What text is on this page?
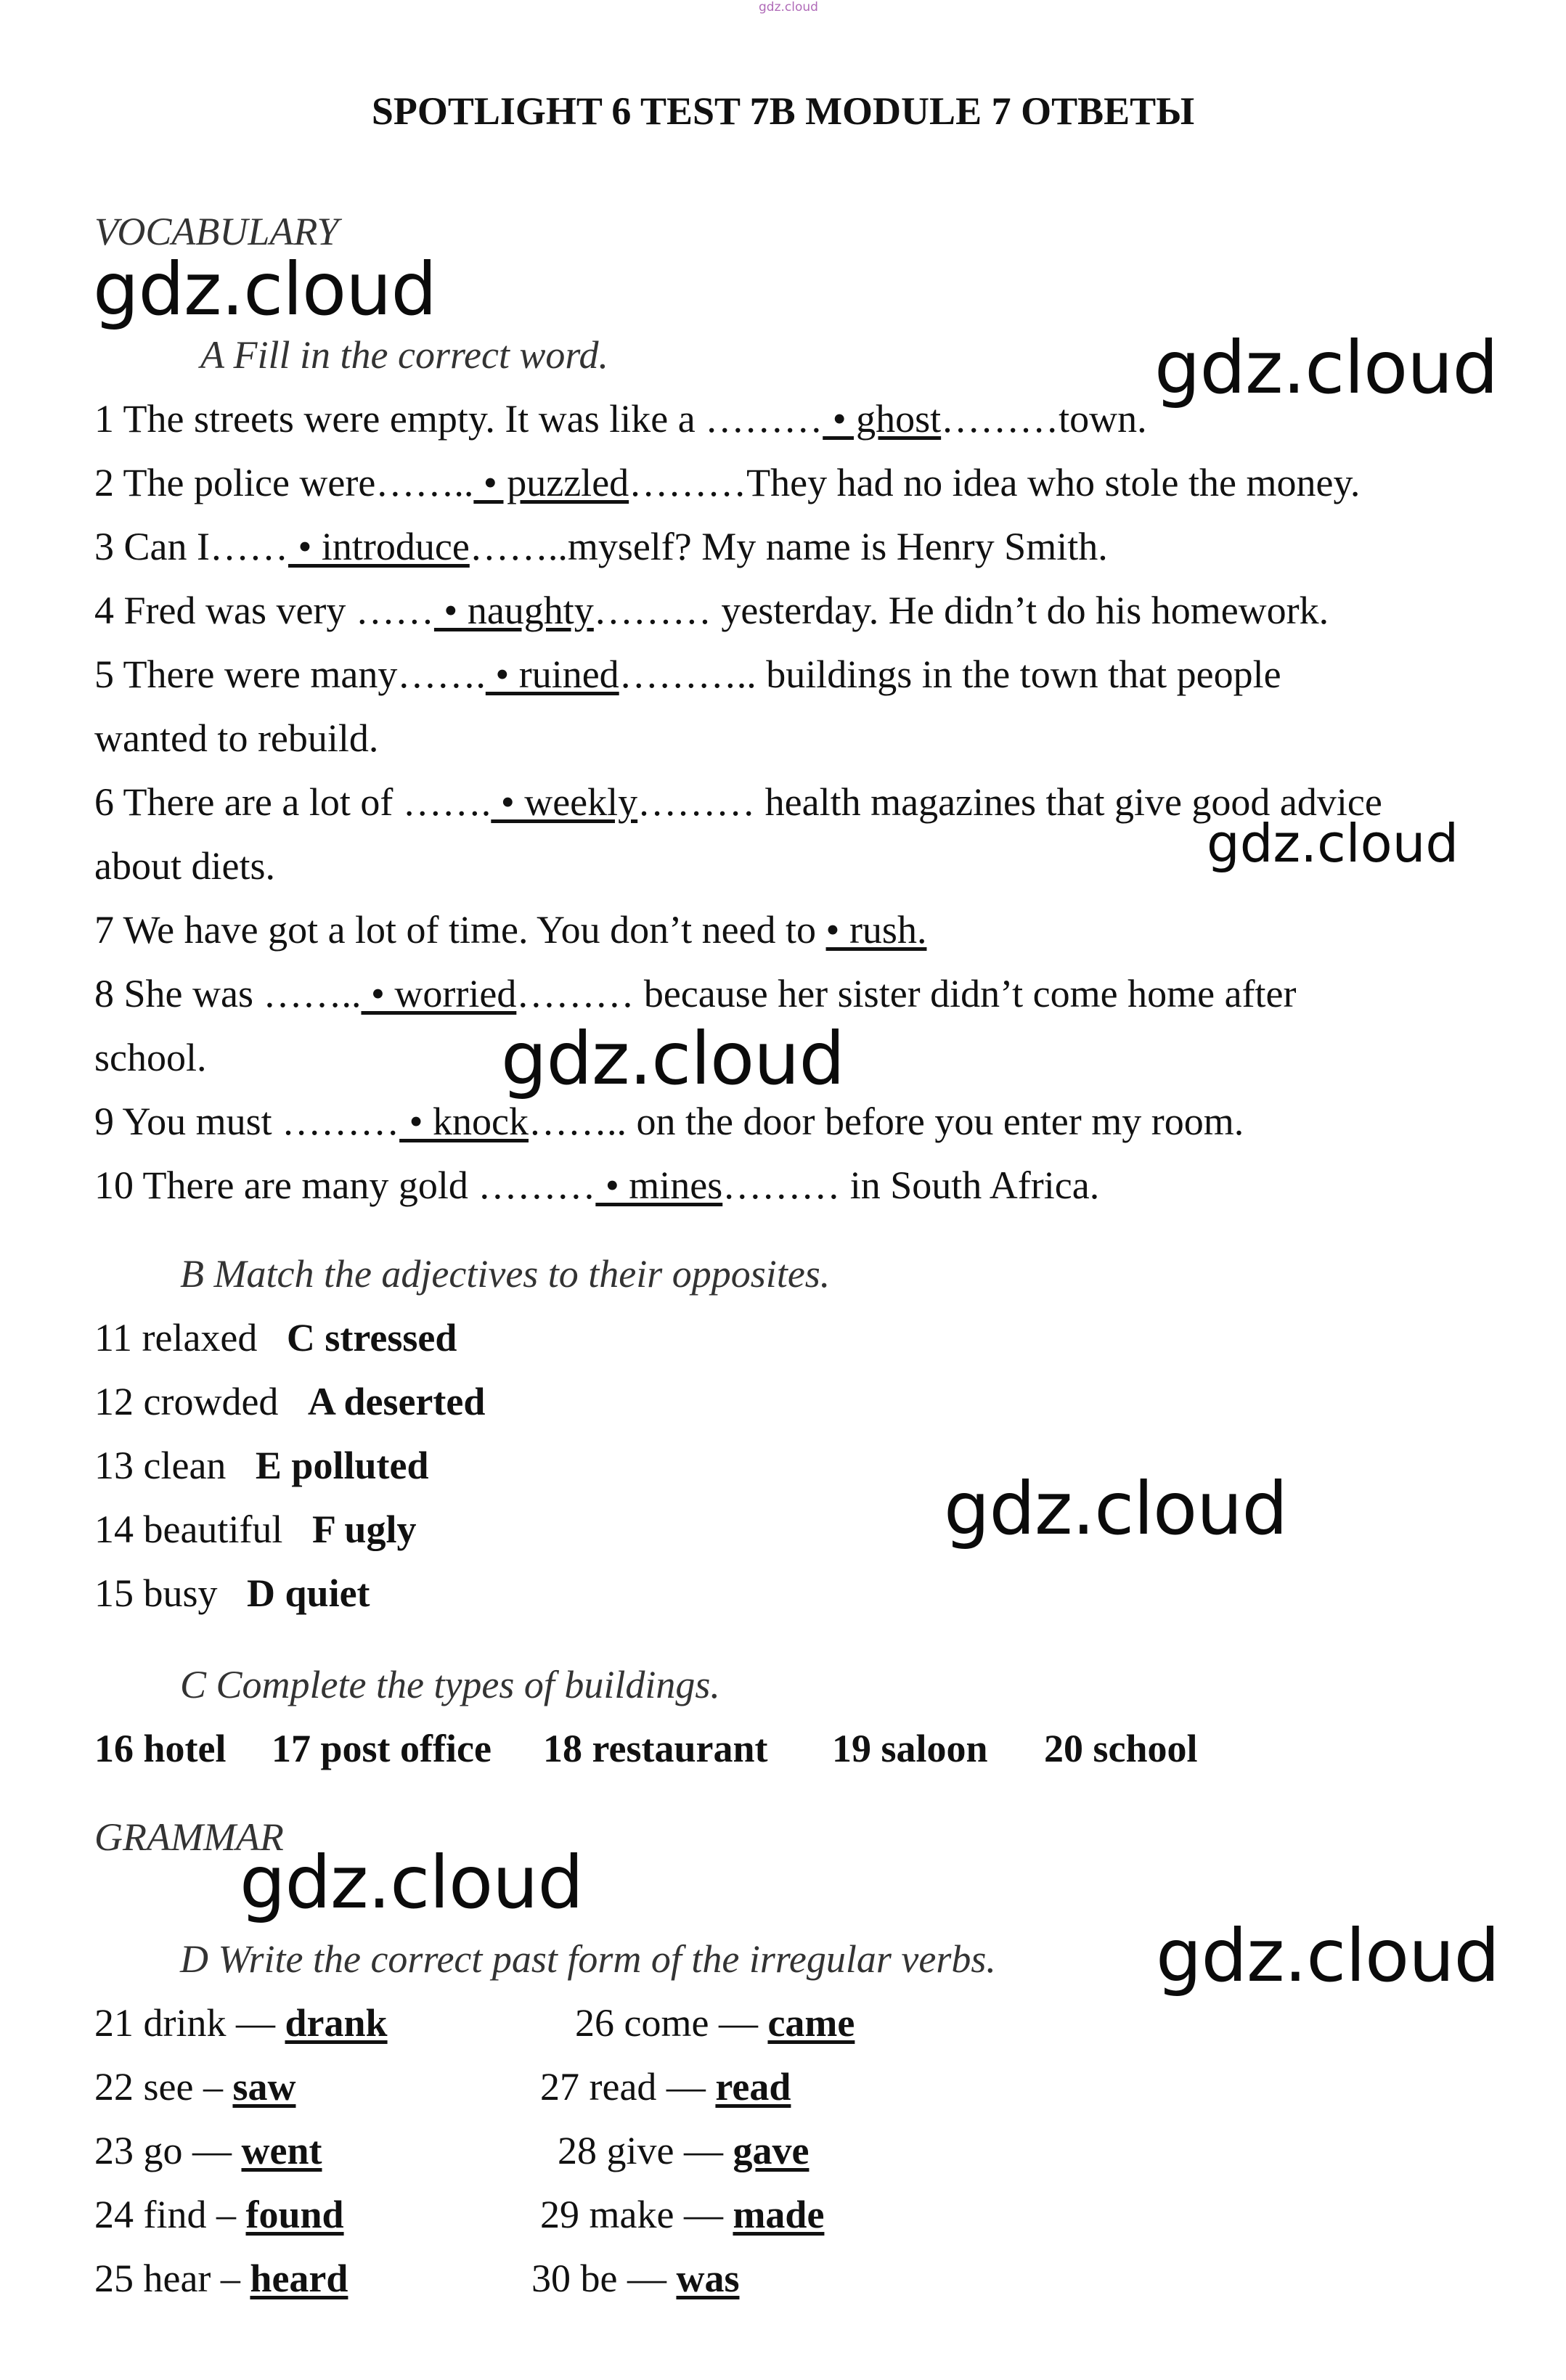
gdz.cloud
SPOTLIGHT 6 TEST 7B MODULE 7 ОТВЕТЫ
VOCABULARY
A Fill in the correct word.
1 The streets were empty. It was like a ……… • ghost………town.
2 The police were…….. • puzzled………They had no idea who stole the money.
3 Can I…… • introduce……..myself? My name is Henry Smith.
4 Fred was very …… • naughty……… yesterday. He didn’t do his homework.
5 There were many……. • ruined……….. buildings in the town that people
wanted to rebuild.
6 There are a lot of ……. • weekly……… health magazines that give good advice
about diets.
7 We have got a lot of time. You don’t need to • rush.
8 She was …….. • worried……… because her sister didn’t come home after
school.
9 You must ……… • knock…….. on the door before you enter my room.
10 There are many gold ……… • mines……… in South Africa.
B Match the adjectives to their opposites.
11 relaxed C stressed
12 crowded A deserted
13 clean E polluted
14 beautiful F ugly
15 busy D quiet
C Complete the types of buildings.
16 hotel 17 post office 18 restaurant 19 saloon 20 school
GRAMMAR
D Write the correct past form of the irregular verbs.
21 drink — drank
22 see – saw
23 go — went
24 find – found
25 hear – heard
26 come — came
27 read — read
28 give — gave
29 make — made
30 be — was
gdz.cloud
gdz.cloud
gdz.cloud
gdz.cloud
gdz.cloud
gdz.cloud
gdz.cloud
